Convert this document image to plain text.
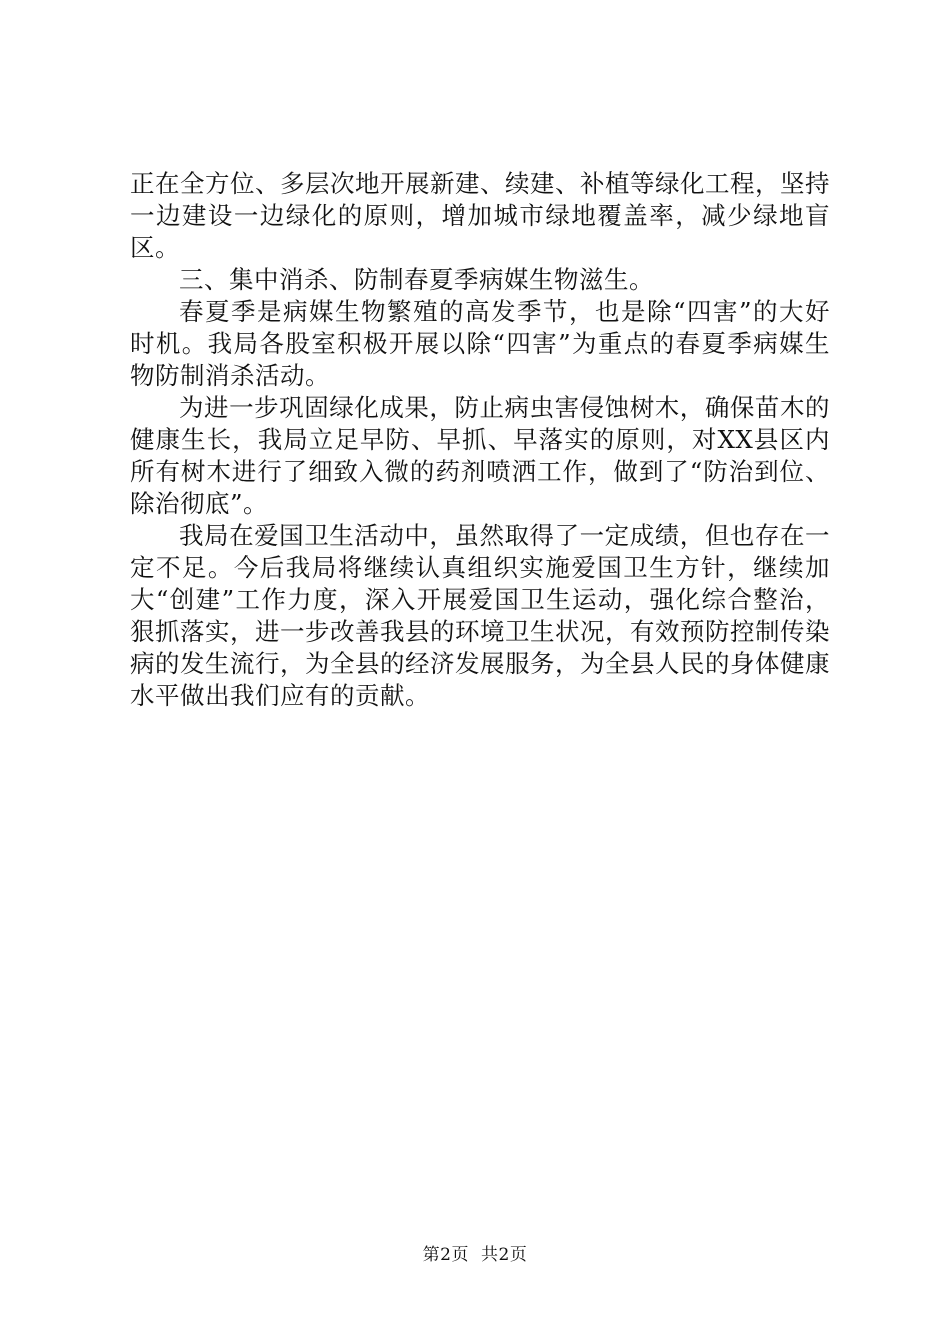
正在全方位、多层次地开展新建、续建、补植等绿化工程，坚持一边建设一边绿化的原则，增加城市绿地覆盖率，减少绿地盲区。

三、集中消杀、防制春夏季病媒生物滋生。

春夏季是病媒生物繁殖的高发季节，也是除“四害”的大好时机。我局各股室积极开展以除“四害”为重点的春夏季病媒生物防制消杀活动。

为进一步巩固绿化成果，防止病虫害侵蚀树木，确保苗木的健康生长，我局立足早防、早抓、早落实的原则，对XX县区内所有树木进行了细致入微的药剂喷洒工作，做到了“防治到位、除治彻底”。

我局在爱国卫生活动中，虽然取得了一定成绩，但也存在一定不足。今后我局将继续认真组织实施爱国卫生方针，继续加大“创建”工作力度，深入开展爱国卫生运动，强化综合整治，狠抓落实，进一步改善我县的环境卫生状况，有效预防控制传染病的发生流行，为全县的经济发展服务，为全县人民的身体健康水平做出我们应有的贡献。

第2页 共2页
